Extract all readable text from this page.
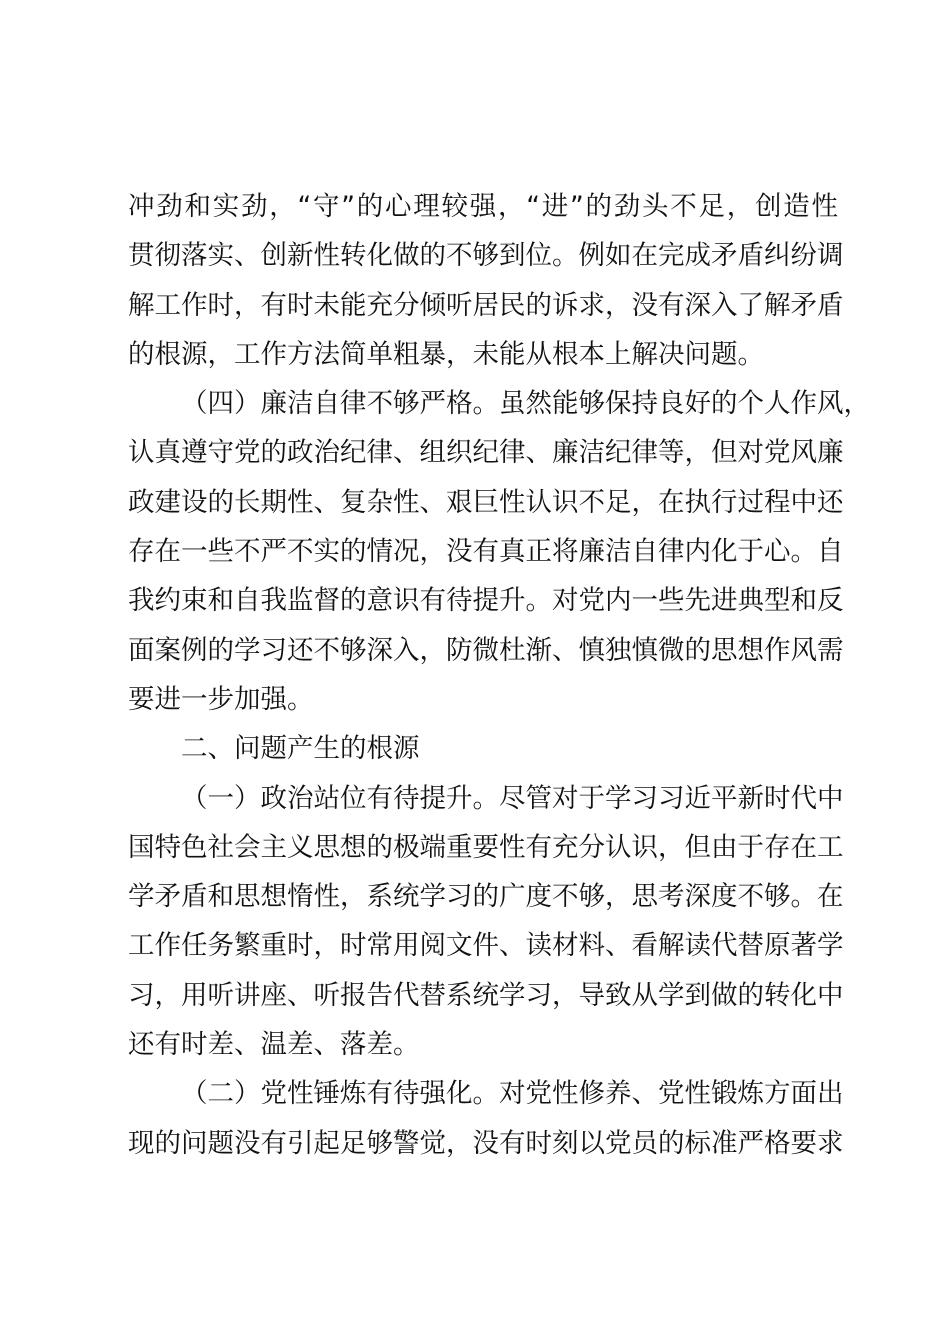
冲劲和实劲，“守”的心理较强，“进”的劲头不足，创造性
贯彻落实、创新性转化做的不够到位。例如在完成矛盾纠纷调
解工作时，有时未能充分倾听居民的诉求，没有深入了解矛盾
的根源，工作方法简单粗暴，未能从根本上解决问题。
（四）廉洁自律不够严格。虽然能够保持良好的个人作风，
认真遵守党的政治纪律、组织纪律、廉洁纪律等，但对党风廉
政建设的长期性、复杂性、艰巨性认识不足，在执行过程中还
存在一些不严不实的情况，没有真正将廉洁自律内化于心。自
我约束和自我监督的意识有待提升。对党内一些先进典型和反
面案例的学习还不够深入，防微杜渐、慎独慎微的思想作风需
要进一步加强。
二、问题产生的根源
（一）政治站位有待提升。尽管对于学习习近平新时代中
国特色社会主义思想的极端重要性有充分认识，但由于存在工
学矛盾和思想惰性，系统学习的广度不够，思考深度不够。在
工作任务繁重时，时常用阅文件、读材料、看解读代替原著学
习，用听讲座、听报告代替系统学习，导致从学到做的转化中
还有时差、温差、落差。
（二）党性锤炼有待强化。对党性修养、党性锻炼方面出
现的问题没有引起足够警觉，没有时刻以党员的标准严格要求
